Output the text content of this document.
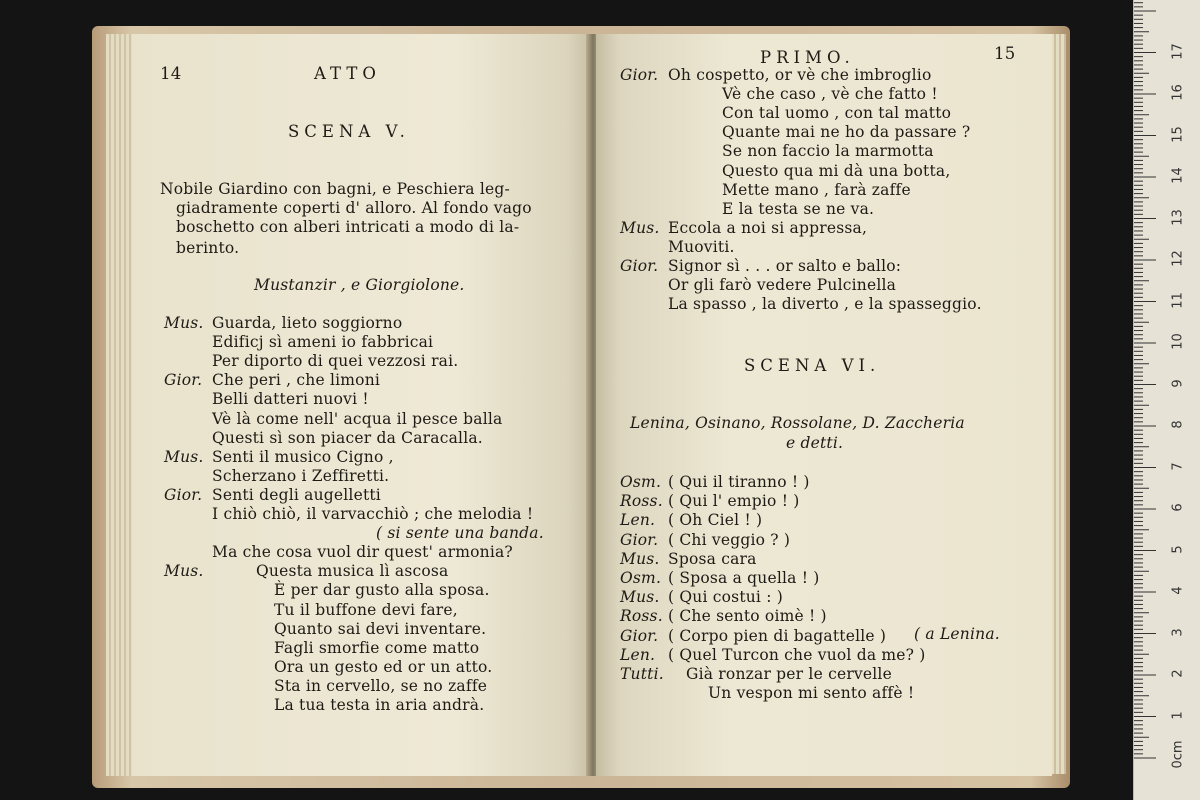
14	ATTO
SCENA V.
Nobile Giardino con bagni, e Peschiera leg-
giadramente coperti d' alloro. Al fondo vago
boschetto con alberi intricati a modo di la-
berinto.
Mustanzir , e Giorgiolone.
Mus. Guarda, lieto soggiorno
Edificj sì ameni io fabbricai
Per diporto di quei vezzosi rai.
Gior. Che peri , che limoni
Belli datteri nuovi !
Vè là come nell' acqua il pesce balla
Questi sì son piacer da Caracalla.
Mus. Senti il musico Cigno ,
Scherzano i Zeffiretti.
Gior. Senti degli augelletti
I chiò chiò, il varvacchiò ; che melodia !
( si sente una banda.
Ma che cosa vuol dir quest' armonia?
Mus.	Questa musica lì ascosa
È per dar gusto alla sposa.
Tu il buffone devi fare,
Quanto sai devi inventare.
Fagli smorfie come matto
Ora un gesto ed or un atto.
Sta in cervello, se no zaffe
La tua testa in aria andrà.
PRIMO.	15
Gior. Oh cospetto, or vè che imbroglio
Vè che caso , vè che fatto !
Con tal uomo , con tal matto
Quante mai ne ho da passare ?
Se non faccio la marmotta
Questo qua mi dà una botta,
Mette mano , farà zaffe
E la testa se ne va.
Mus. Eccola a noi si appressa,
Muoviti.
Gior. Signor sì . . . or salto e ballo:
Or gli farò vedere Pulcinella
La spasso , la diverto , e la spasseggio.
SCENA VI.
Lenina, Osinano, Rossolane, D. Zaccheria
e detti.
Osm. ( Qui il tiranno ! )
Ross. ( Qui l' empio ! )
Len. ( Oh Ciel ! )
Gior. ( Chi veggio ? )
Mus. Sposa cara
Osm. ( Sposa a quella ! )
Mus. ( Qui costui : )
Ross. ( Che sento oimè ! )
Gior. ( Corpo pien di bagattelle )
Len. ( Quel Turcon che vuol da me? )
Tutti. Già ronzar per le cervelle
Un vespon mi sento affè !
( a Lenina.
0cm
1
2
3
4
5
6
7
8
9
10
11
12
13
14
15
16
17
